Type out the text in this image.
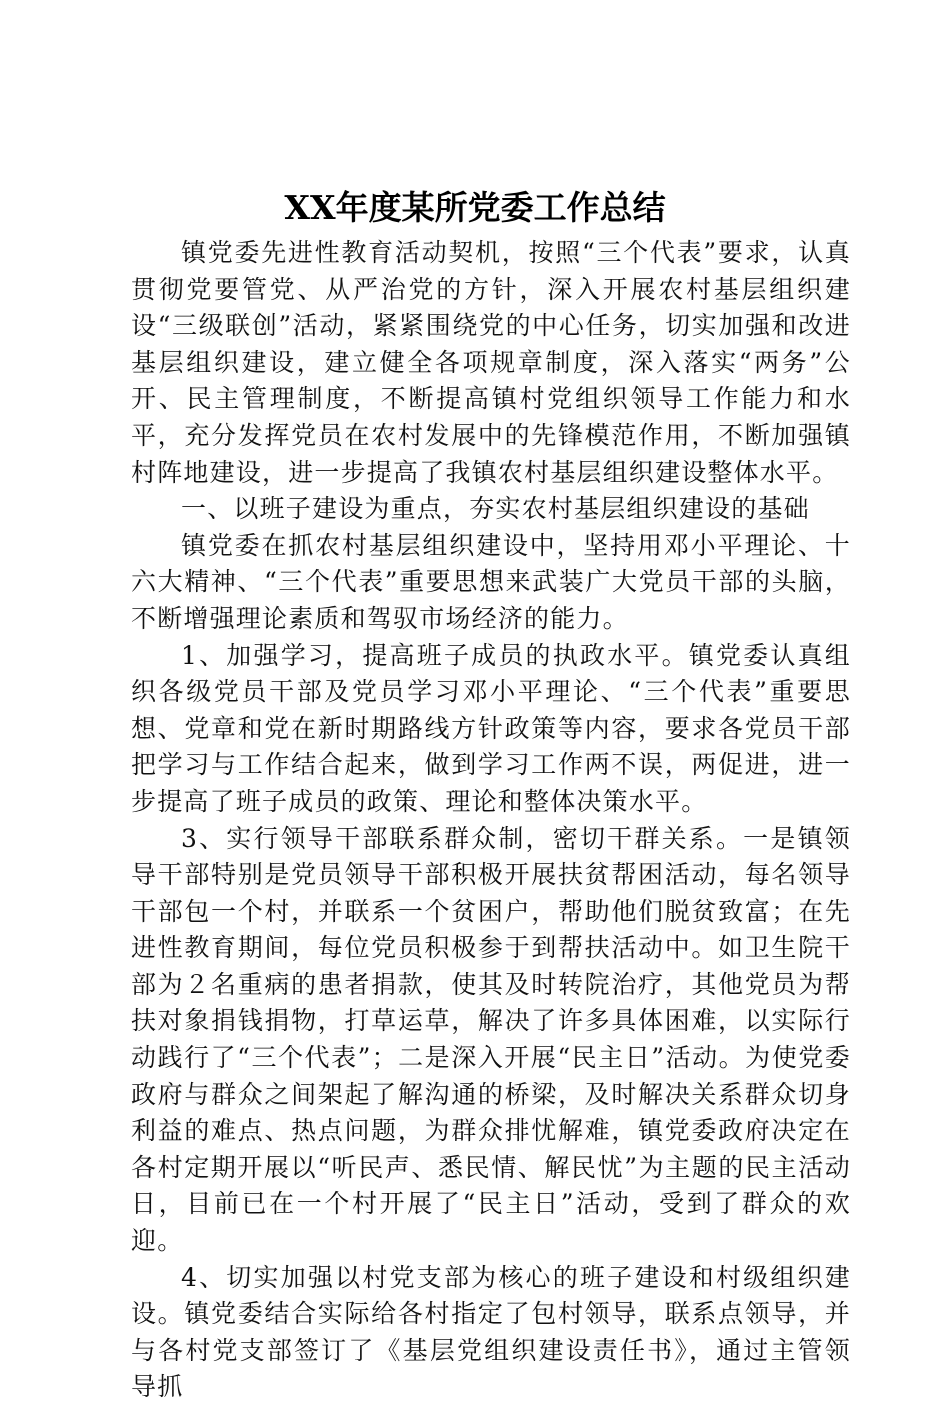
XX年度某所党委工作总结

镇党委先进性教育活动契机，按照“三个代表”要求，认真贯彻党要管党、从严治党的方针，深入开展农村基层组织建设“三级联创”活动，紧紧围绕党的中心任务，切实加强和改进基层组织建设，建立健全各项规章制度，深入落实“两务”公开、民主管理制度，不断提高镇村党组织领导工作能力和水平，充分发挥党员在农村发展中的先锋模范作用，不断加强镇村阵地建设，进一步提高了我镇农村基层组织建设整体水平。

一、以班子建设为重点，夯实农村基层组织建设的基础

镇党委在抓农村基层组织建设中，坚持用邓小平理论、十六大精神、“三个代表”重要思想来武装广大党员干部的头脑，不断增强理论素质和驾驭市场经济的能力。

1、加强学习，提高班子成员的执政水平。镇党委认真组织各级党员干部及党员学习邓小平理论、“三个代表”重要思想、党章和党在新时期路线方针政策等内容，要求各党员干部把学习与工作结合起来，做到学习工作两不误，两促进，进一步提高了班子成员的政策、理论和整体决策水平。

3、实行领导干部联系群众制，密切干群关系。一是镇领导干部特别是党员领导干部积极开展扶贫帮困活动，每名领导干部包一个村，并联系一个贫困户，帮助他们脱贫致富；在先进性教育期间，每位党员积极参于到帮扶活动中。如卫生院干部为２名重病的患者捐款，使其及时转院治疗，其他党员为帮扶对象捐钱捐物，打草运草，解决了许多具体困难，以实际行动践行了“三个代表”；二是深入开展“民主日”活动。为使党委政府与群众之间架起了解沟通的桥梁，及时解决关系群众切身利益的难点、热点问题，为群众排忧解难，镇党委政府决定在各村定期开展以“听民声、悉民情、解民忧”为主题的民主活动日，目前已在一个村开展了“民主日”活动，受到了群众的欢迎。

4、切实加强以村党支部为核心的班子建设和村级组织建设。镇党委结合实际给各村指定了包村领导，联系点领导，并与各村党支部签订了《基层党组织建设责任书》，通过主管领导抓
